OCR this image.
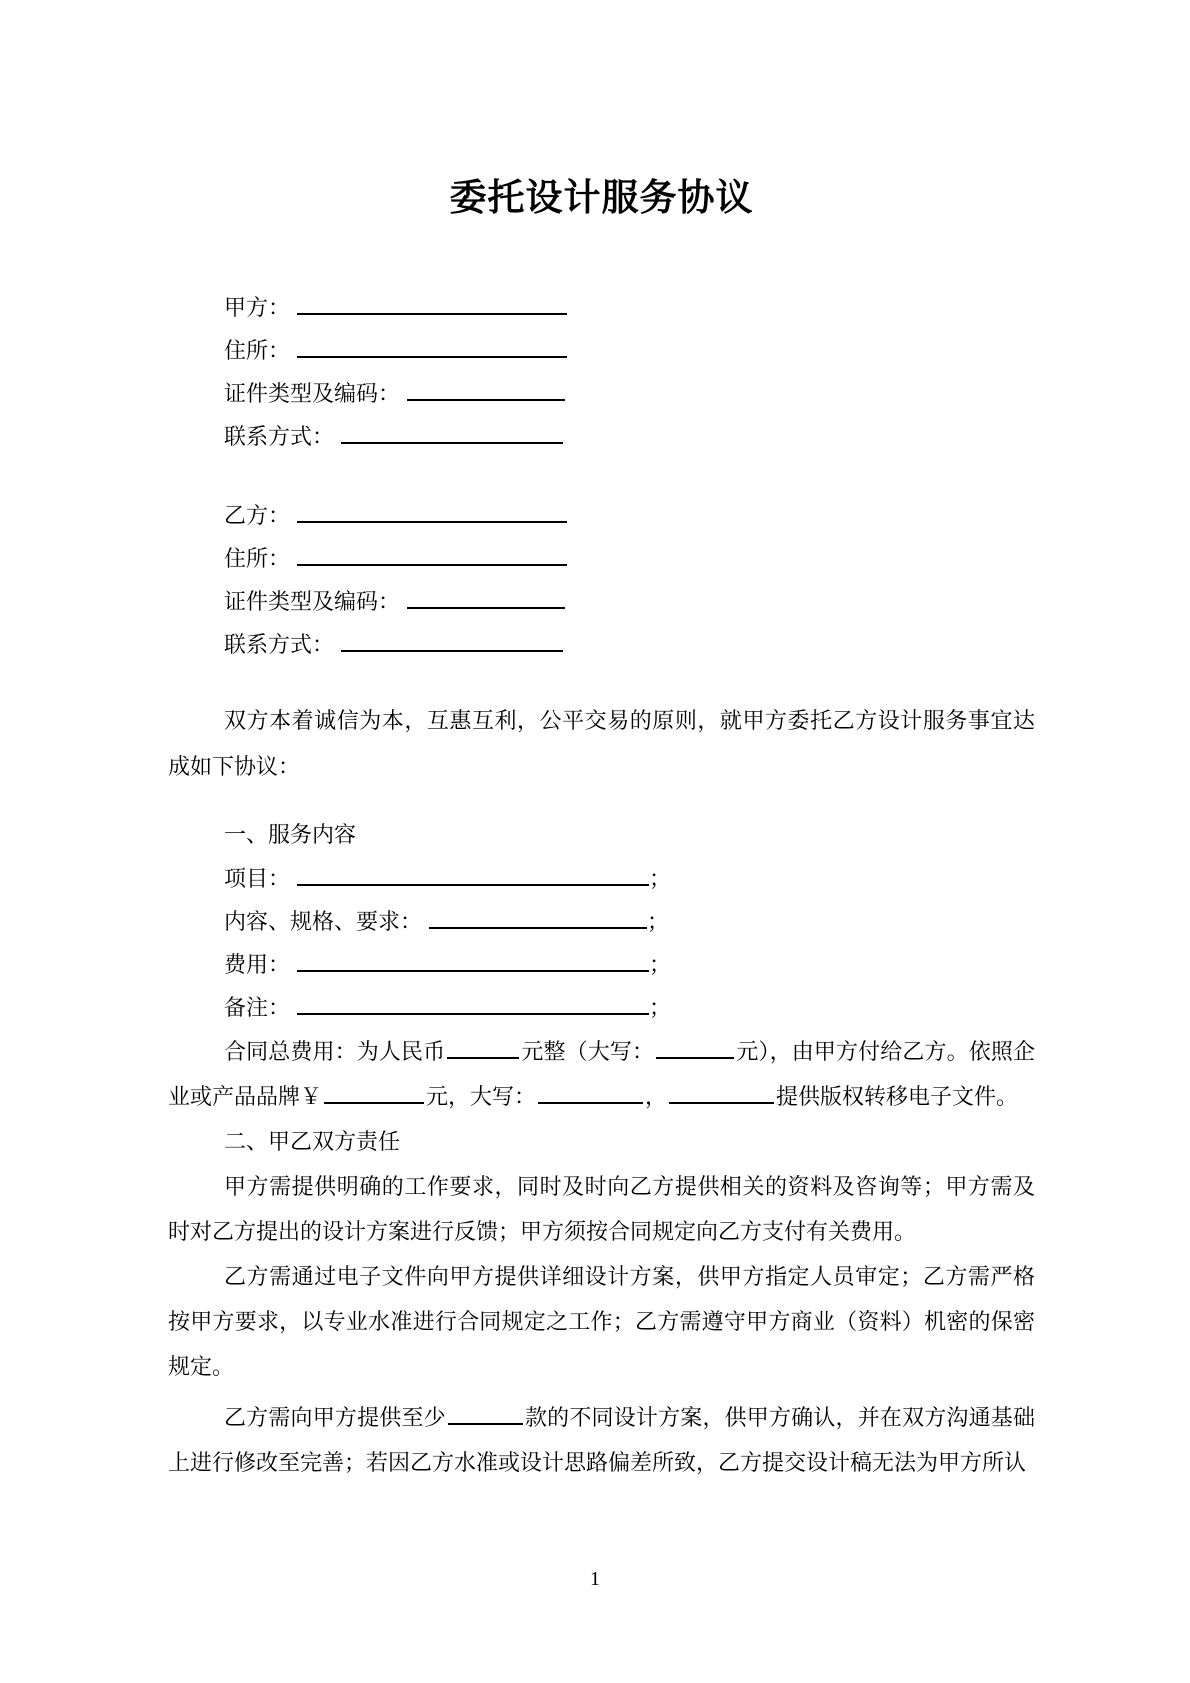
委托设计服务协议
甲方：
住所：
证件类型及编码：
联系方式：
乙方：
住所：
证件类型及编码：
联系方式：

双方本着诚信为本，互惠互利，公平交易的原则，就甲方委托乙方设计服务事宜达成如下协议：

一、服务内容

项目：	；
内容、规格、要求：	；
费用：	；
备注：	；

合同总费用：为人民币	元整（大写：	元），由甲方付给乙方。依照企业或产品品牌￥	元，大写：	，	提供版权转移电子文件。

二、甲乙双方责任

甲方需提供明确的工作要求，同时及时向乙方提供相关的资料及咨询等；甲方需及时对乙方提出的设计方案进行反馈；甲方须按合同规定向乙方支付有关费用。

乙方需通过电子文件向甲方提供详细设计方案，供甲方指定人员审定；乙方需严格按甲方要求，以专业水准进行合同规定之工作；乙方需遵守甲方商业（资料）机密的保密规定。

乙方需向甲方提供至少	款的不同设计方案，供甲方确认，并在双方沟通基础上进行修改至完善；若因乙方水准或设计思路偏差所致，乙方提交设计稿无法为甲方所认

1
